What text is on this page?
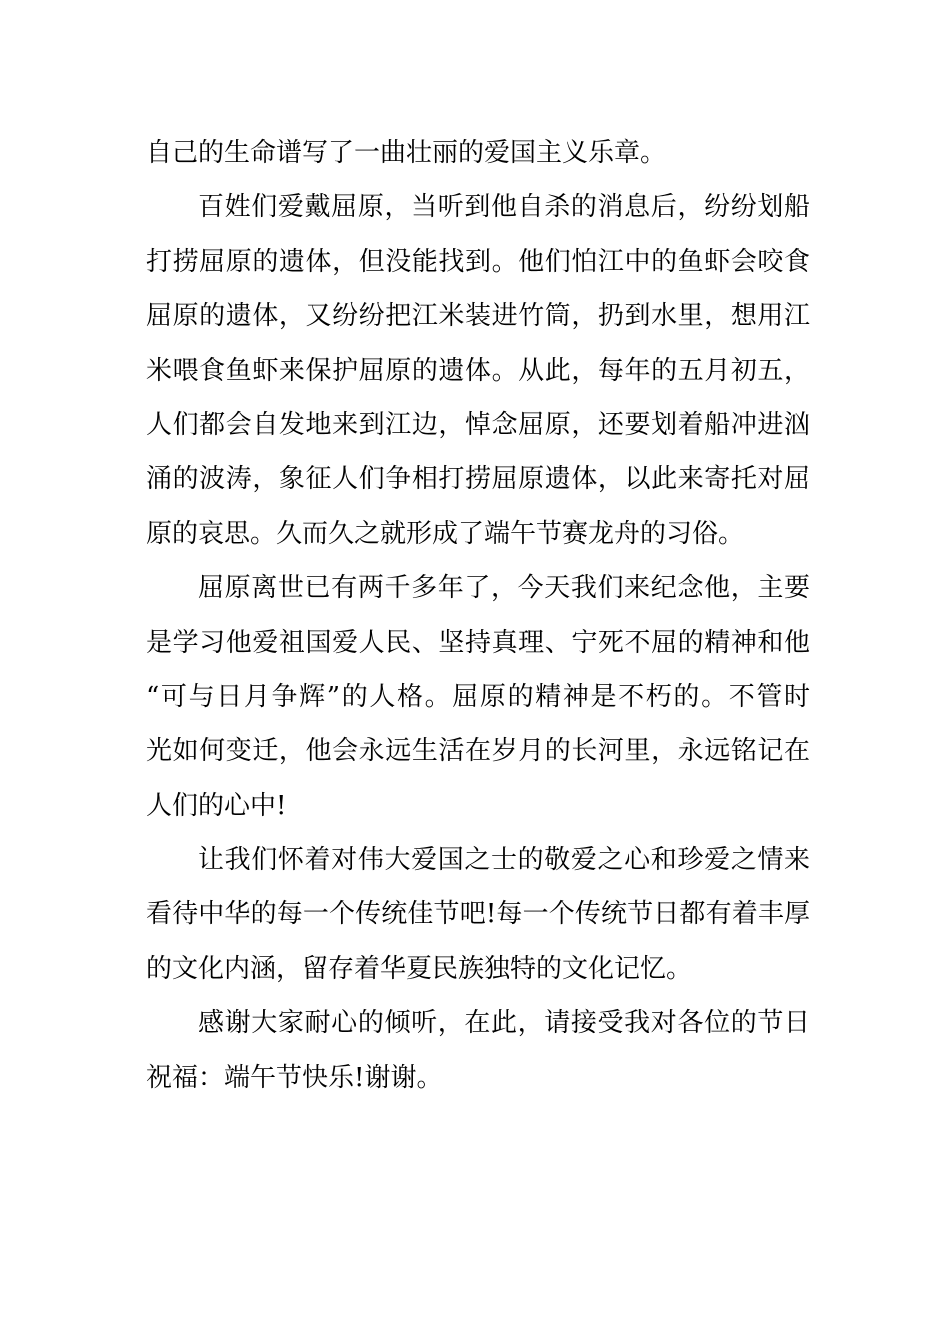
自己的生命谱写了一曲壮丽的爱国主义乐章。
百姓们爱戴屈原，当听到他自杀的消息后，纷纷划船
打捞屈原的遗体，但没能找到。他们怕江中的鱼虾会咬食
屈原的遗体，又纷纷把江米装进竹筒，扔到水里，想用江
米喂食鱼虾来保护屈原的遗体。从此，每年的五月初五，
人们都会自发地来到江边，悼念屈原，还要划着船冲进汹
涌的波涛，象征人们争相打捞屈原遗体，以此来寄托对屈
原的哀思。久而久之就形成了端午节赛龙舟的习俗。
屈原离世已有两千多年了，今天我们来纪念他，主要
是学习他爱祖国爱人民、坚持真理、宁死不屈的精神和他
“可与日月争辉”的人格。屈原的精神是不朽的。不管时
光如何变迁，他会永远生活在岁月的长河里，永远铭记在
人们的心中!
让我们怀着对伟大爱国之士的敬爱之心和珍爱之情来
看待中华的每一个传统佳节吧!每一个传统节日都有着丰厚
的文化内涵，留存着华夏民族独特的文化记忆。
感谢大家耐心的倾听，在此，请接受我对各位的节日
祝福：端午节快乐!谢谢。
